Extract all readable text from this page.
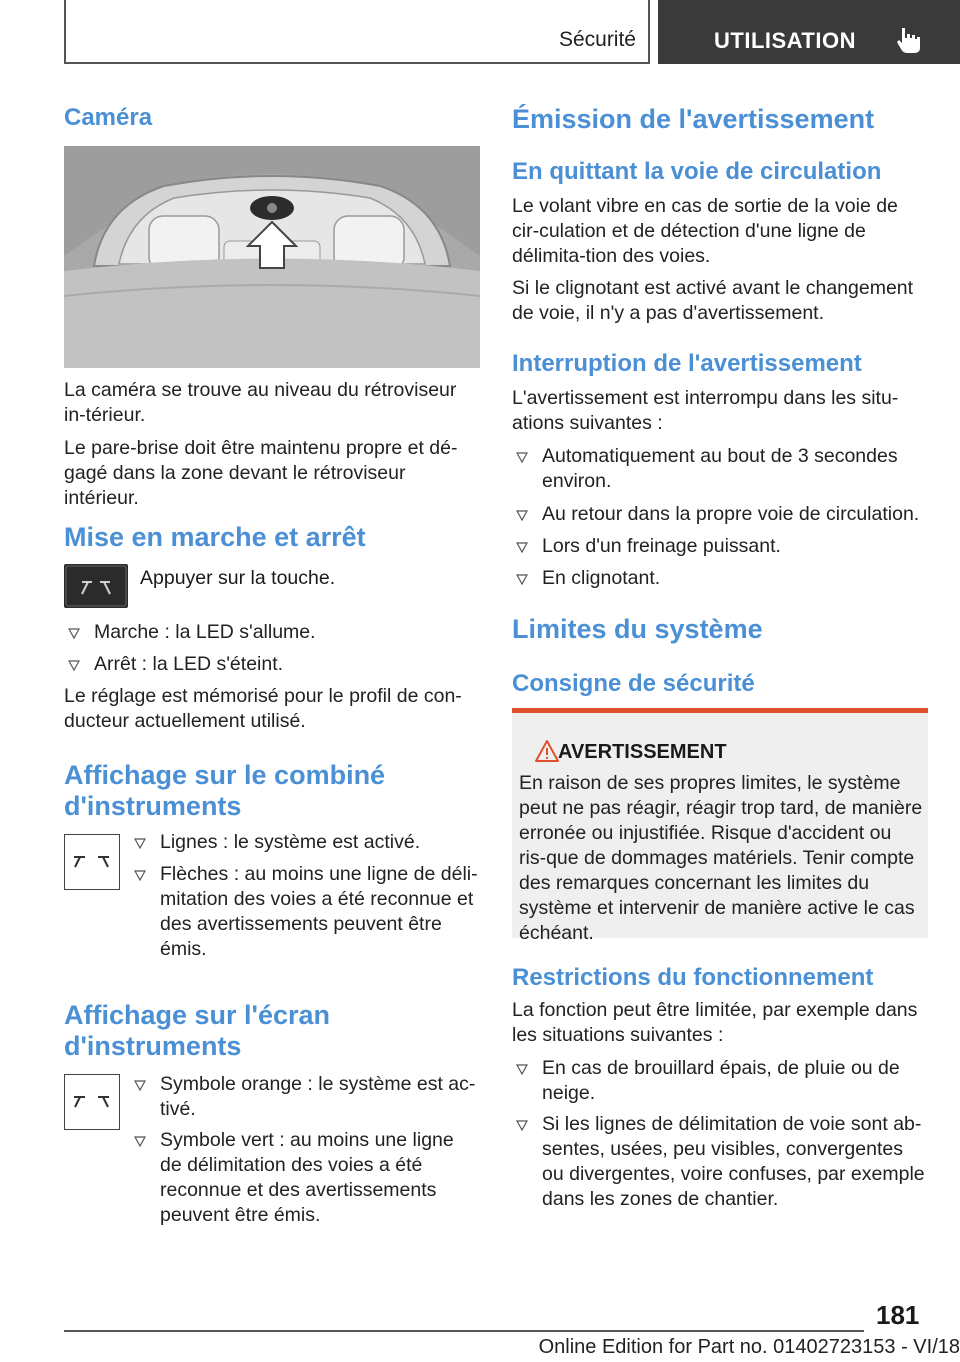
Sécurité	UTILISATION
Caméra

La caméra se trouve au niveau du rétroviseur in-térieur.

Le pare-brise doit être maintenu propre et dé-gagé dans la zone devant le rétroviseur intérieur.

Mise en marche et arrêt
Appuyer sur la touche.
Marche : la LED s'allume.
Arrêt : la LED s'éteint.

Le réglage est mémorisé pour le profil de con-ducteur actuellement utilisé.

Affichage sur le combiné
d'instruments
Lignes : le système est activé.
Flèches : au moins une ligne de déli-mitation des voies a été reconnue et des avertissements peuvent être émis.
Affichage sur l'écran
d'instruments
Symbole orange : le système est ac-tivé.
Symbole vert : au moins une ligne de délimitation des voies a été reconnue et des avertissements peuvent être émis.
Émission de l'avertissement
En quittant la voie de circulation

Le volant vibre en cas de sortie de la voie de cir-culation et de détection d'une ligne de délimita-tion des voies.

Si le clignotant est activé avant le changement de voie, il n'y a pas d'avertissement.

Interruption de l'avertissement

L'avertissement est interrompu dans les situ-ations suivantes :

Automatiquement au bout de 3 secondes environ.
Au retour dans la propre voie de circulation.
Lors d'un freinage puissant.
En clignotant.
Limites du système
Consigne de sécurité
AVERTISSEMENT

En raison de ses propres limites, le système peut ne pas réagir, réagir trop tard, de manière erronée ou injustifiée. Risque d'accident ou ris-que de dommages matériels. Tenir compte des remarques concernant les limites du système et intervenir de manière active le cas échéant.

Restrictions du fonctionnement

La fonction peut être limitée, par exemple dans les situations suivantes :

En cas de brouillard épais, de pluie ou de neige.
Si les lignes de délimitation de voie sont ab-sentes, usées, peu visibles, convergentes ou divergentes, voire confuses, par exemple dans les zones de chantier.
181
Online Edition for Part no. 01402723153 - VI/18
